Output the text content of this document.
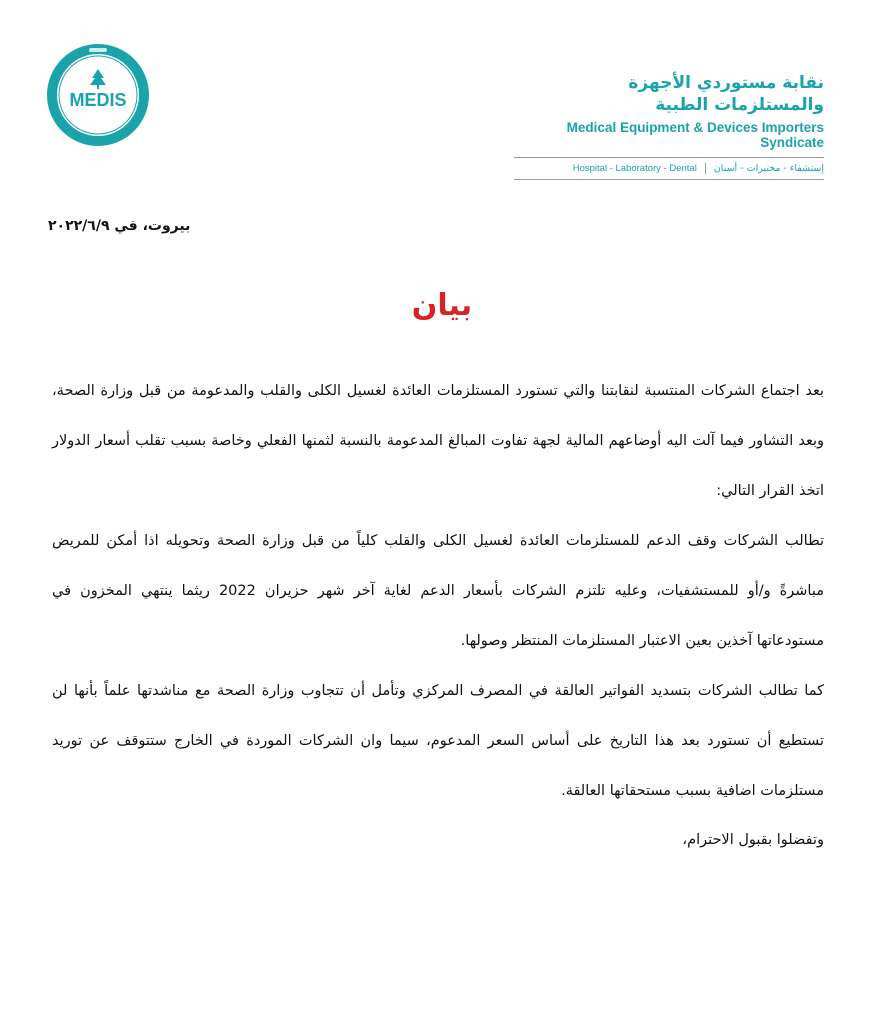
MEDIS
نقابة مستوردي الأجهزة والمستلزمات الطبية
Medical Equipment & Devices Importers Syndicate
Hospital - Laboratory - Dental إستشفاء - مختبرات - أسنان
بيروت، في ٢٠٢٢/٦/٩
بيان

بعد اجتماع الشركات المنتسبة لنقابتنا والتي تستورد المستلزمات العائدة لغسيل الكلى والقلب والمدعومة من قبل وزارة الصحة، وبعد التشاور فيما آلت اليه أوضاعهم المالية لجهة تفاوت المبالغ المدعومة بالنسبة لثمنها الفعلي وخاصة بسبب تقلب أسعار الدولار اتخذ القرار التالي:

تطالب الشركات وقف الدعم للمستلزمات العائدة لغسيل الكلى والقلب كلياً من قبل وزارة الصحة وتحويله اذا أمكن للمريض مباشرةً و/أو للمستشفيات، وعليه تلتزم الشركات بأسعار الدعم لغاية آخر شهر حزيران 2022 ريثما ينتهي المخزون في مستودعاتها آخذين بعين الاعتبار المستلزمات المنتظر وصولها.

كما تطالب الشركات بتسديد الفواتير العالقة في المصرف المركزي وتأمل أن تتجاوب وزارة الصحة مع مناشدتها علماً بأنها لن تستطيع أن تستورد بعد هذا التاريخ على أساس السعر المدعوم، سيما وان الشركات الموردة في الخارج ستتوقف عن توريد مستلزمات اضافية بسبب مستحقاتها العالقة.

وتفضلوا بقبول الاحترام،
